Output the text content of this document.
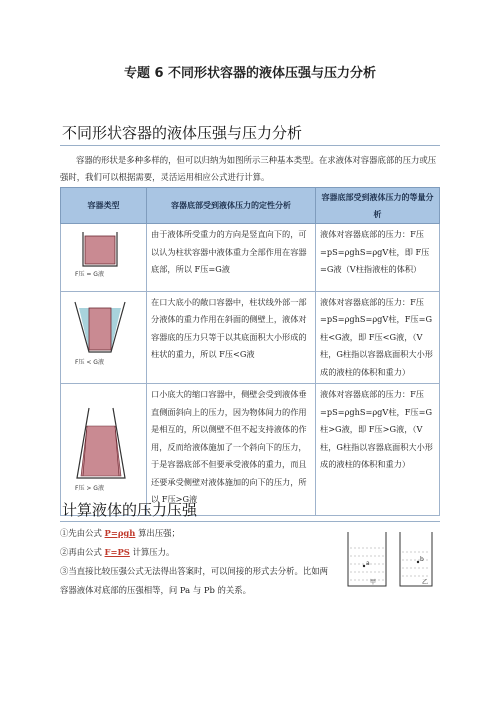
专题 6 不同形状容器的液体压强与压力分析
不同形状容器的液体压强与压力分析
容器的形状是多种多样的，但可以归纳为如图所示三种基本类型。在求液体对容器底部的压力或压强时，我们可以根据需要，灵活运用相应公式进行计算。
容器类型	容器底部受到液体压力的定性分析	容器底部受到液体压力的等量分析

F压 = G液	由于液体所受重力的方向是竖直向下的，可以认为柱状容器中液体重力全部作用在容器底部，所以 F压=G液	液体对容器底部的压力：F压=pS=ρghS=ρgV柱，即 F压=G液（V柱指液柱的体积）

F压 < G液	在口大底小的敞口容器中，柱状线外部一部分液体的重力作用在斜面的侧壁上，液体对容器底的压力只等于以其底面积大小形成的柱状的重力，所以 F压<G液	液体对容器底部的压力：F压=pS=ρghS=ρgV柱，F压=G柱<G液，即 F压<G液，（V柱，G柱指以容器底面积大小形成的液柱的体积和重力）

F压 > G液	口小底大的缩口容器中，侧壁会受到液体垂直侧面斜向上的压力，因为物体间力的作用是相互的，所以侧壁不但不起支持液体的作用，反而给液体施加了一个斜向下的压力，于是容器底部不但要承受液体的重力，而且还要承受侧壁对液体施加的向下的压力，所以 F压>G液	液体对容器底部的压力：F压=pS=ρghS=ρgV柱，F压=G柱>G液，即 F压>G液，（V柱，G柱指以容器底面积大小形成的液柱的体积和重力）
计算液体的压力压强
①先由公式 P=ρgh 算出压强；
②再由公式 F=PS 计算压力。
③当直接比较压强公式无法得出答案时，可以间接的形式去分析。比如两容器液体对底部的压强相等，问 Pa 与 Pb 的关系。
a
b
甲	乙
